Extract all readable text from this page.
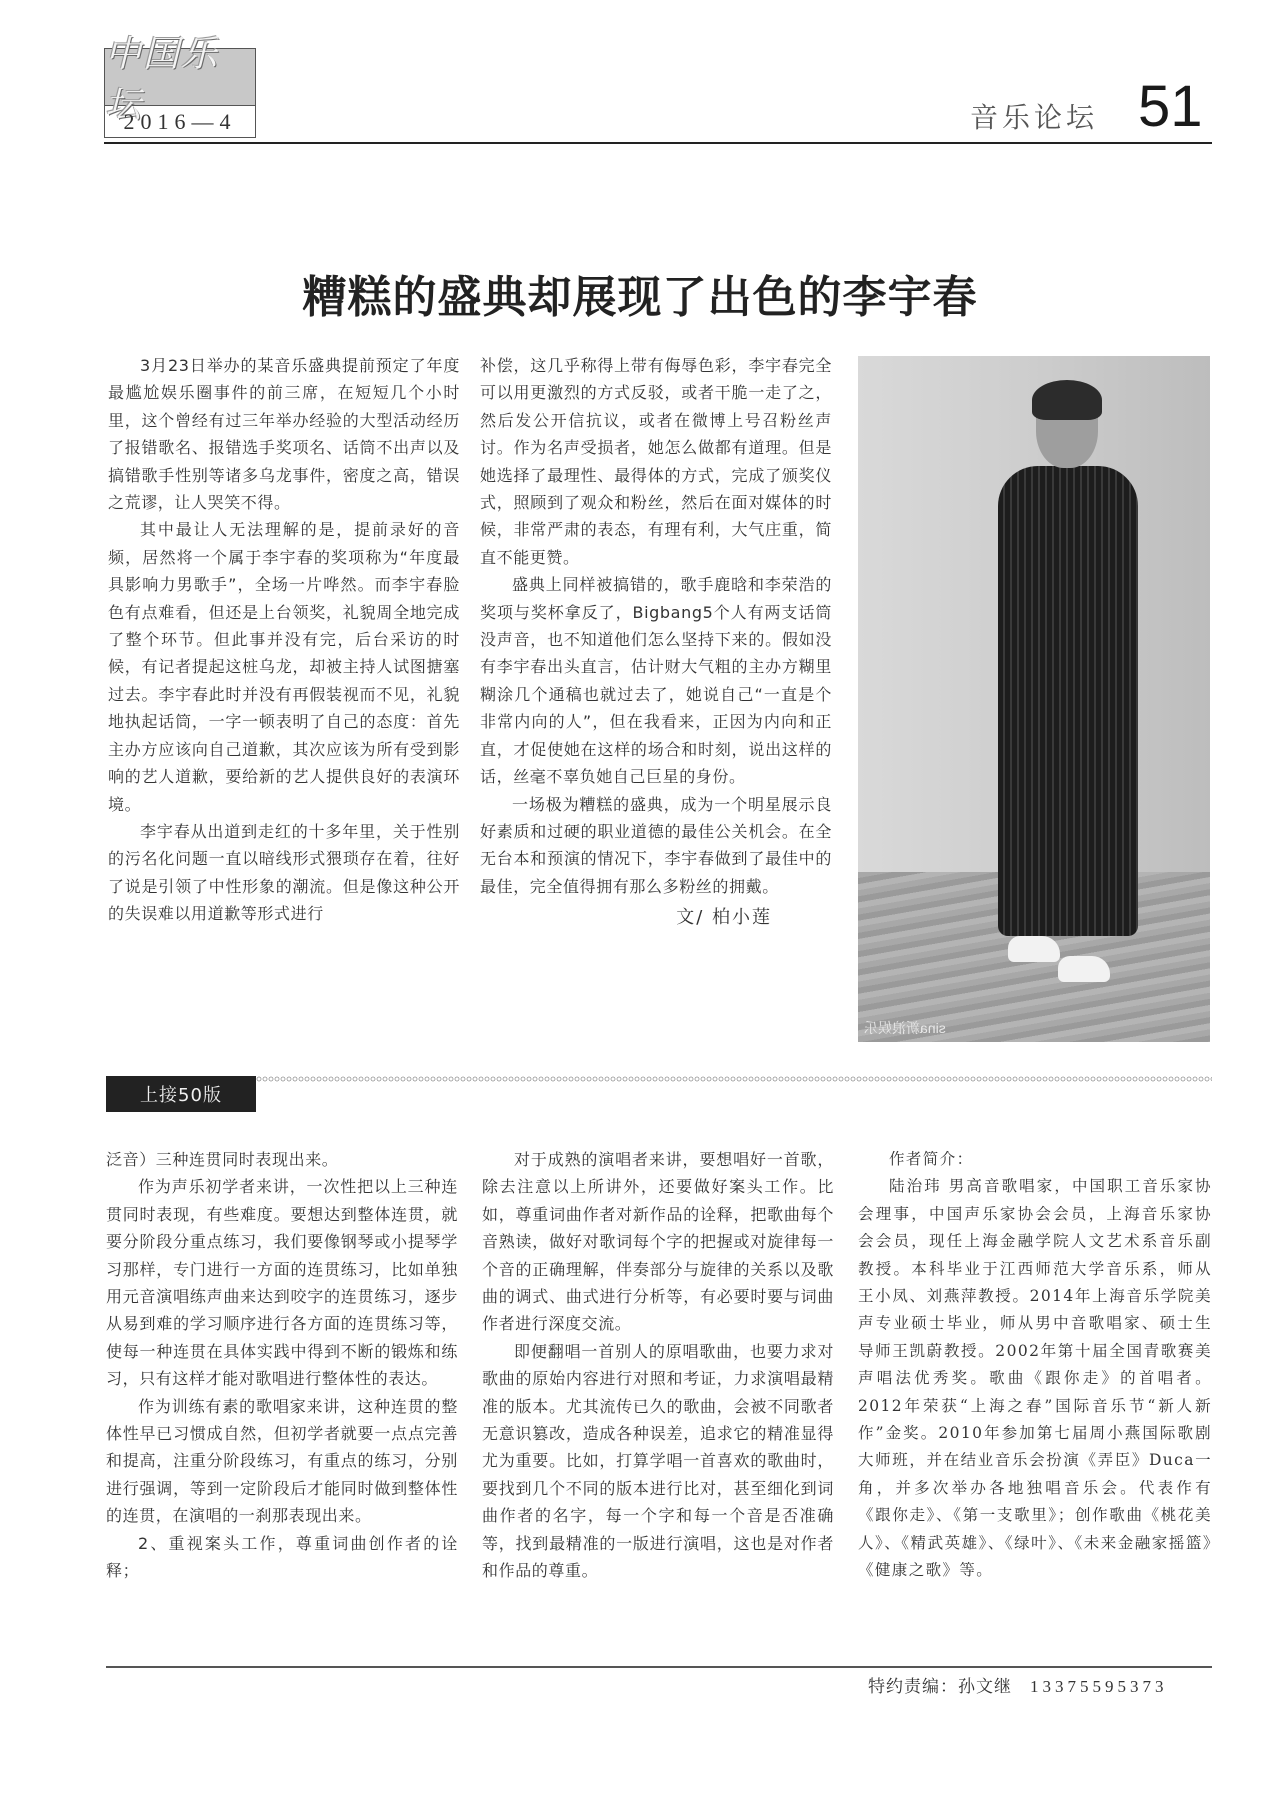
中国乐坛
2016—4	音乐论坛 51
糟糕的盛典却展现了出色的李宇春

3月23日举办的某音乐盛典提前预定了年度最尴尬娱乐圈事件的前三席，在短短几个小时里，这个曾经有过三年举办经验的大型活动经历了报错歌名、报错选手奖项名、话筒不出声以及搞错歌手性别等诸多乌龙事件，密度之高，错误之荒谬，让人哭笑不得。

其中最让人无法理解的是，提前录好的音频，居然将一个属于李宇春的奖项称为“年度最具影响力男歌手”，全场一片哗然。而李宇春脸色有点难看，但还是上台领奖，礼貌周全地完成了整个环节。但此事并没有完，后台采访的时候，有记者提起这桩乌龙，却被主持人试图搪塞过去。李宇春此时并没有再假装视而不见，礼貌地执起话筒，一字一顿表明了自己的态度：首先主办方应该向自己道歉，其次应该为所有受到影响的艺人道歉，要给新的艺人提供良好的表演环境。

李宇春从出道到走红的十多年里，关于性别的污名化问题一直以暗线形式猥琐存在着，往好了说是引领了中性形象的潮流。但是像这种公开的失误难以用道歉等形式进行

补偿，这几乎称得上带有侮辱色彩，李宇春完全可以用更激烈的方式反驳，或者干脆一走了之，然后发公开信抗议，或者在微博上号召粉丝声讨。作为名声受损者，她怎么做都有道理。但是她选择了最理性、最得体的方式，完成了颁奖仪式，照顾到了观众和粉丝，然后在面对媒体的时候，非常严肃的表态，有理有利，大气庄重，简直不能更赞。

盛典上同样被搞错的，歌手鹿晗和李荣浩的奖项与奖杯拿反了，Bigbang5个人有两支话筒没声音，也不知道他们怎么坚持下来的。假如没有李宇春出头直言，估计财大气粗的主办方糊里糊涂几个通稿也就过去了，她说自己“一直是个非常内向的人”，但在我看来，正因为内向和正直，才促使她在这样的场合和时刻，说出这样的话，丝毫不辜负她自己巨星的身份。

一场极为糟糕的盛典，成为一个明星展示良好素质和过硬的职业道德的最佳公关机会。在全无台本和预演的情况下，李宇春做到了最佳中的最佳，完全值得拥有那么多粉丝的拥戴。

文/ 柏小莲
sina新浪娱乐
上接50版

泛音）三种连贯同时表现出来。

作为声乐初学者来讲，一次性把以上三种连贯同时表现，有些难度。要想达到整体连贯，就要分阶段分重点练习，我们要像钢琴或小提琴学习那样，专门进行一方面的连贯练习，比如单独用元音演唱练声曲来达到咬字的连贯练习，逐步从易到难的学习顺序进行各方面的连贯练习等，使每一种连贯在具体实践中得到不断的锻炼和练习，只有这样才能对歌唱进行整体性的表达。

作为训练有素的歌唱家来讲，这种连贯的整体性早已习惯成自然，但初学者就要一点点完善和提高，注重分阶段练习，有重点的练习，分别进行强调，等到一定阶段后才能同时做到整体性的连贯，在演唱的一刹那表现出来。

2、重视案头工作，尊重词曲创作者的诠释；

对于成熟的演唱者来讲，要想唱好一首歌，除去注意以上所讲外，还要做好案头工作。比如，尊重词曲作者对新作品的诠释，把歌曲每个音熟读，做好对歌词每个字的把握或对旋律每一个音的正确理解，伴奏部分与旋律的关系以及歌曲的调式、曲式进行分析等，有必要时要与词曲作者进行深度交流。

即便翻唱一首别人的原唱歌曲，也要力求对歌曲的原始内容进行对照和考证，力求演唱最精准的版本。尤其流传已久的歌曲，会被不同歌者无意识篡改，造成各种误差，追求它的精准显得尤为重要。比如，打算学唱一首喜欢的歌曲时，要找到几个不同的版本进行比对，甚至细化到词曲作者的名字，每一个字和每一个音是否准确等，找到最精准的一版进行演唱，这也是对作者和作品的尊重。

作者简介：

陆治玮 男高音歌唱家，中国职工音乐家协会理事，中国声乐家协会会员，上海音乐家协会会员，现任上海金融学院人文艺术系音乐副教授。本科毕业于江西师范大学音乐系，师从王小凤、刘燕萍教授。2014年上海音乐学院美声专业硕士毕业，师从男中音歌唱家、硕士生导师王凯蔚教授。2002年第十届全国青歌赛美声唱法优秀奖。歌曲《跟你走》的首唱者。2012年荣获“上海之春”国际音乐节“新人新作”金奖。2010年参加第七届周小燕国际歌剧大师班，并在结业音乐会扮演《弄臣》Duca一角，并多次举办各地独唱音乐会。代表作有《跟你走》、《第一支歌里》；创作歌曲《桃花美人》、《精武英雄》、《绿叶》、《未来金融家摇篮》《健康之歌》等。

特约责编：孙文继 13375595373
